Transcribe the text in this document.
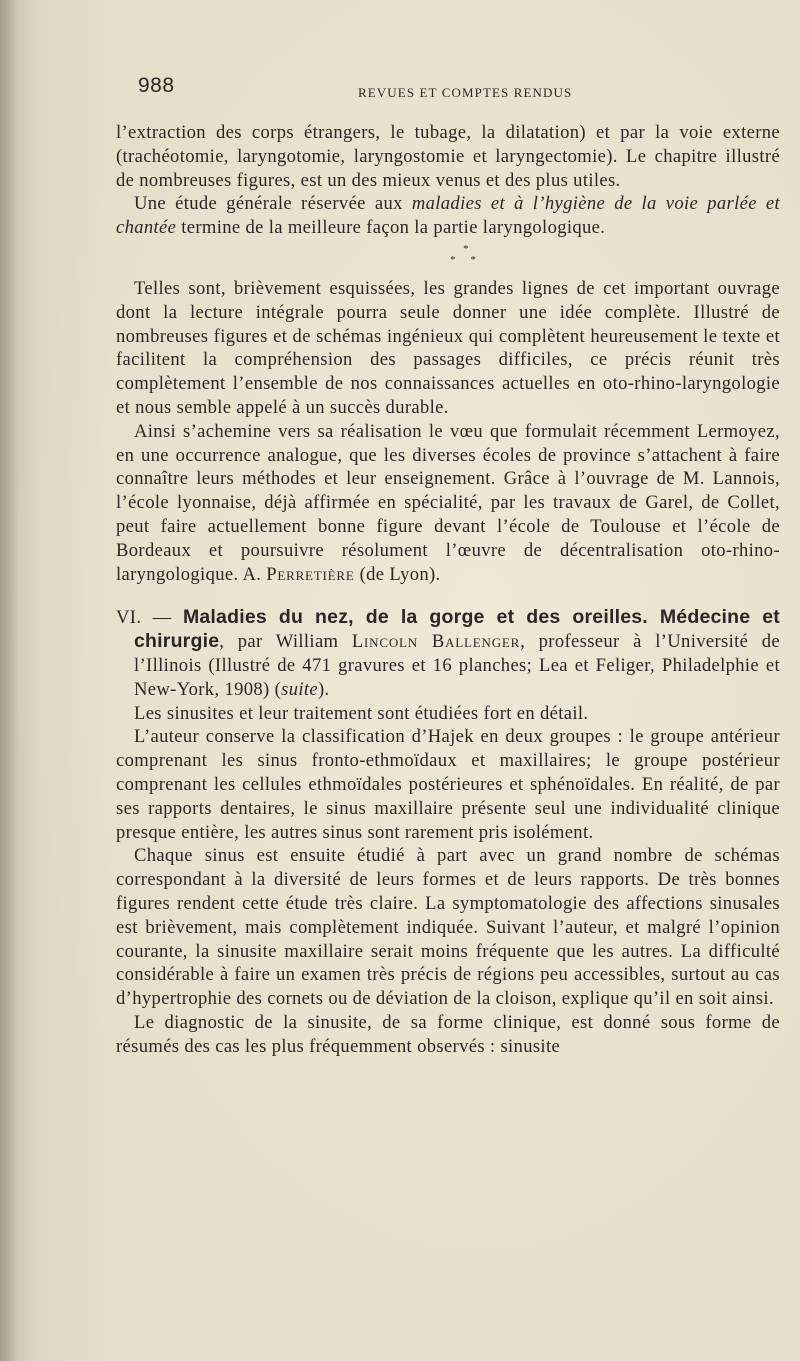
988	REVUES ET COMPTES RENDUS

l’extraction des corps étrangers, le tubage, la dilatation) et par la voie externe (trachéotomie, laryngotomie, laryngostomie et laryngectomie). Le chapitre illustré de nombreuses figures, est un des mieux venus et des plus utiles.

Une étude générale réservée aux maladies et à l’hygiène de la voie parlée et chantée termine de la meilleure façon la partie laryngologique.

*
* *

Telles sont, brièvement esquissées, les grandes lignes de cet important ouvrage dont la lecture intégrale pourra seule donner une idée complète. Illustré de nombreuses figures et de schémas ingénieux qui complètent heureusement le texte et facilitent la compréhension des passages difficiles, ce précis réunit très complètement l’ensemble de nos connaissances actuelles en oto-rhino-laryngologie et nous semble appelé à un succès durable.

Ainsi s’achemine vers sa réalisation le vœu que formulait récemment Lermoyez, en une occurrence analogue, que les diverses écoles de province s’attachent à faire connaître leurs méthodes et leur enseignement. Grâce à l’ouvrage de M. Lannois, l’école lyonnaise, déjà affirmée en spécialité, par les travaux de Garel, de Collet, peut faire actuellement bonne figure devant l’école de Toulouse et l’école de Bordeaux et poursuivre résolument l’œuvre de décentralisation oto-rhino-laryngologique. A. Perretière (de Lyon).

VI. — Maladies du nez, de la gorge et des oreilles. Médecine et chirurgie, par William Lincoln Ballenger, professeur à l’Université de l’Illinois (Illustré de 471 gravures et 16 planches; Lea et Feliger, Philadelphie et New-York, 1908) (suite).

Les sinusites et leur traitement sont étudiées fort en détail.

L’auteur conserve la classification d’Hajek en deux groupes : le groupe antérieur comprenant les sinus fronto-ethmoïdaux et maxillaires; le groupe postérieur comprenant les cellules ethmoïdales postérieures et sphénoïdales. En réalité, de par ses rapports dentaires, le sinus maxillaire présente seul une individualité clinique presque entière, les autres sinus sont rarement pris isolément.

Chaque sinus est ensuite étudié à part avec un grand nombre de schémas correspondant à la diversité de leurs formes et de leurs rapports. De très bonnes figures rendent cette étude très claire. La symptomatologie des affections sinusales est brièvement, mais complètement indiquée. Suivant l’auteur, et malgré l’opinion courante, la sinusite maxillaire serait moins fréquente que les autres. La difficulté considérable à faire un examen très précis de régions peu accessibles, surtout au cas d’hypertrophie des cornets ou de déviation de la cloison, explique qu’il en soit ainsi.

Le diagnostic de la sinusite, de sa forme clinique, est donné sous forme de résumés des cas les plus fréquemment observés : sinusite
